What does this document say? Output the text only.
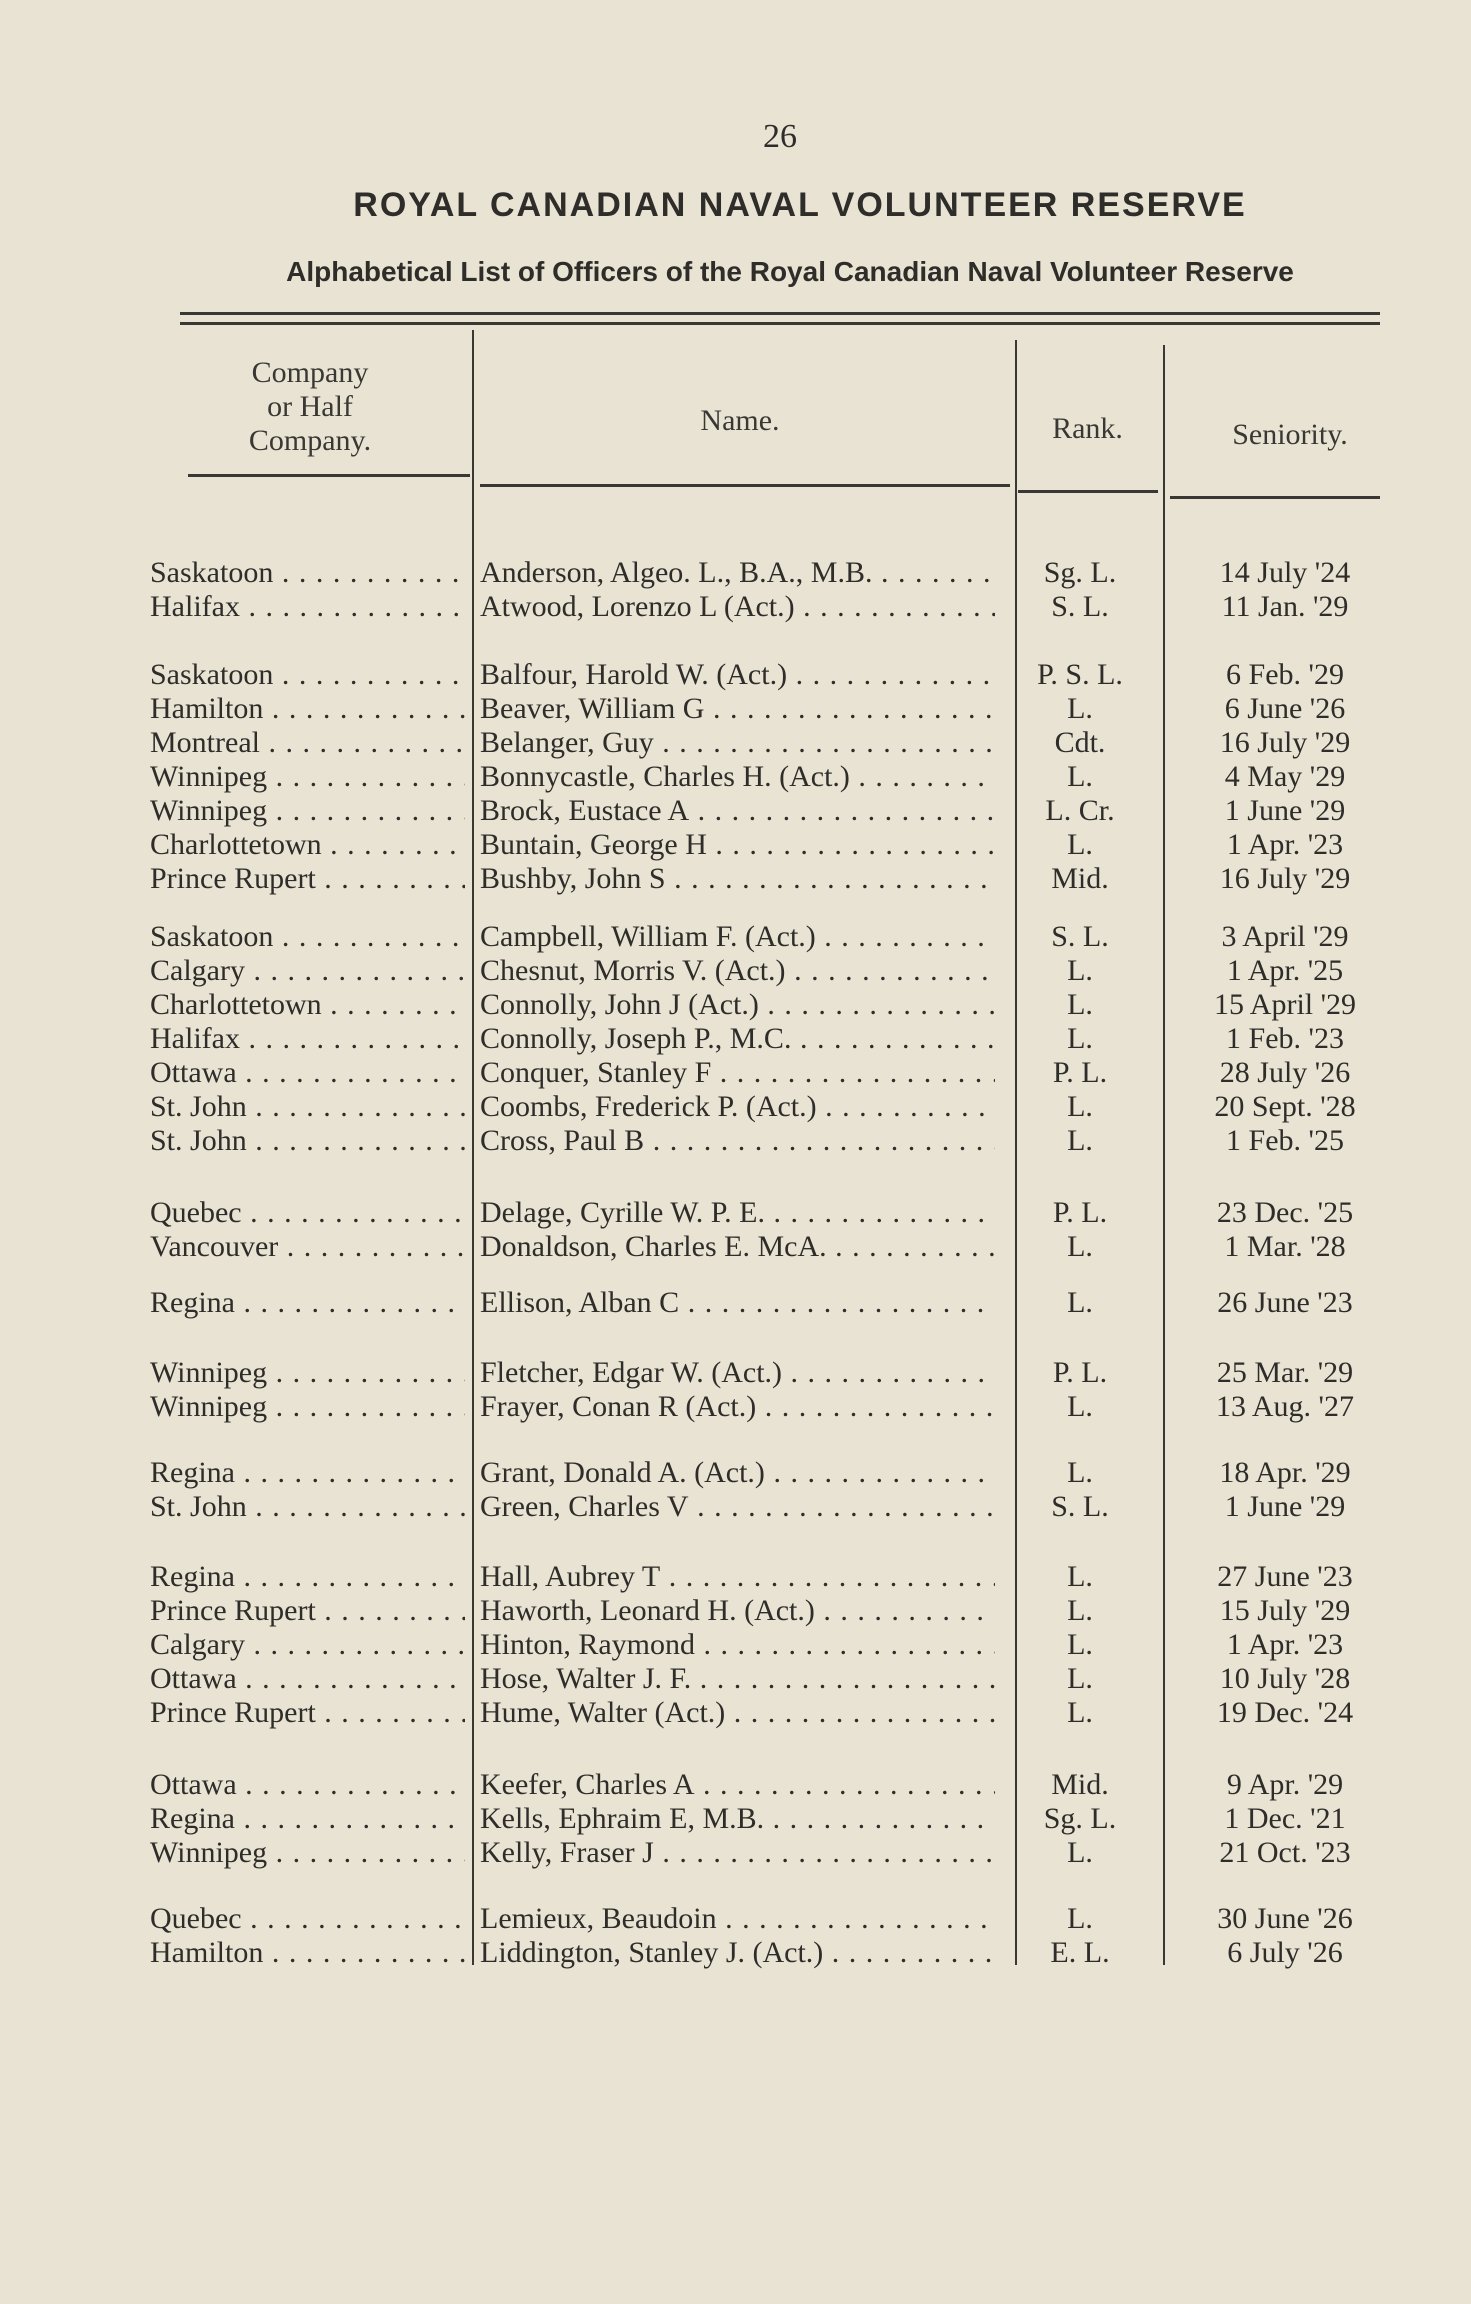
26
ROYAL CANADIAN NAVAL VOLUNTEER RESERVE
Alphabetical List of Officers of the Royal Canadian Naval Volunteer Reserve
Company
or Half
Company.
Name.	Rank.	Seniority.
Saskatoon . . .	Anderson, Algeo. L., B.A., M.B. . . .	Sg. L.	14 July '24
Halifax . . .	Atwood, Lorenzo L (Act.) . . .	S. L.	11 Jan. '29
Saskatoon . . .	Balfour, Harold W. (Act.) . . .	P. S. L.	6 Feb. '29
Hamilton . . .	Beaver, William G . . .	L.	6 June '26
Montreal . . .	Belanger, Guy . . .	Cdt.	16 July '29
Winnipeg . . .	Bonnycastle, Charles H. (Act.) . . .	L.	4 May '29
Winnipeg . . .	Brock, Eustace A . . .	L. Cr.	1 June '29
Charlottetown . . .	Buntain, George H . . .	L.	1 Apr. '23
Prince Rupert . . .	Bushby, John S . . .	Mid.	16 July '29
Saskatoon . . .	Campbell, William F. (Act.) . . .	S. L.	3 April '29
Calgary . . .	Chesnut, Morris V. (Act.) . . .	L.	1 Apr. '25
Charlottetown . . .	Connolly, John J (Act.) . . .	L.	15 April '29
Halifax . . .	Connolly, Joseph P., M.C. . . .	L.	1 Feb. '23
Ottawa . . .	Conquer, Stanley F . . .	P. L.	28 July '26
St. John . . .	Coombs, Frederick P. (Act.) . . .	L.	20 Sept. '28
St. John . . .	Cross, Paul B . . .	L.	1 Feb. '25
Quebec . . .	Delage, Cyrille W. P. E. . . .	P. L.	23 Dec. '25
Vancouver . . .	Donaldson, Charles E. McA. . . .	L.	1 Mar. '28
Regina . . .	Ellison, Alban C . . .	L.	26 June '23
Winnipeg . . .	Fletcher, Edgar W. (Act.) . . .	P. L.	25 Mar. '29
Winnipeg . . .	Frayer, Conan R (Act.) . . .	L.	13 Aug. '27
Regina . . .	Grant, Donald A. (Act.) . . .	L.	18 Apr. '29
St. John . . .	Green, Charles V . . .	S. L.	1 June '29
Regina . . .	Hall, Aubrey T . . .	L.	27 June '23
Prince Rupert . . .	Haworth, Leonard H. (Act.) . . .	L.	15 July '29
Calgary . . .	Hinton, Raymond . . .	L.	1 Apr. '23
Ottawa . . .	Hose, Walter J. F. . . .	L.	10 July '28
Prince Rupert . . .	Hume, Walter (Act.) . . .	L.	19 Dec. '24
Ottawa . . .	Keefer, Charles A . . .	Mid.	9 Apr. '29
Regina . . .	Kells, Ephraim E, M.B. . . .	Sg. L.	1 Dec. '21
Winnipeg . . .	Kelly, Fraser J . . .	L.	21 Oct. '23
Quebec . . .	Lemieux, Beaudoin . . .	L.	30 June '26
Hamilton . . .	Liddington, Stanley J. (Act.) . . .	E. L.	6 July '26
